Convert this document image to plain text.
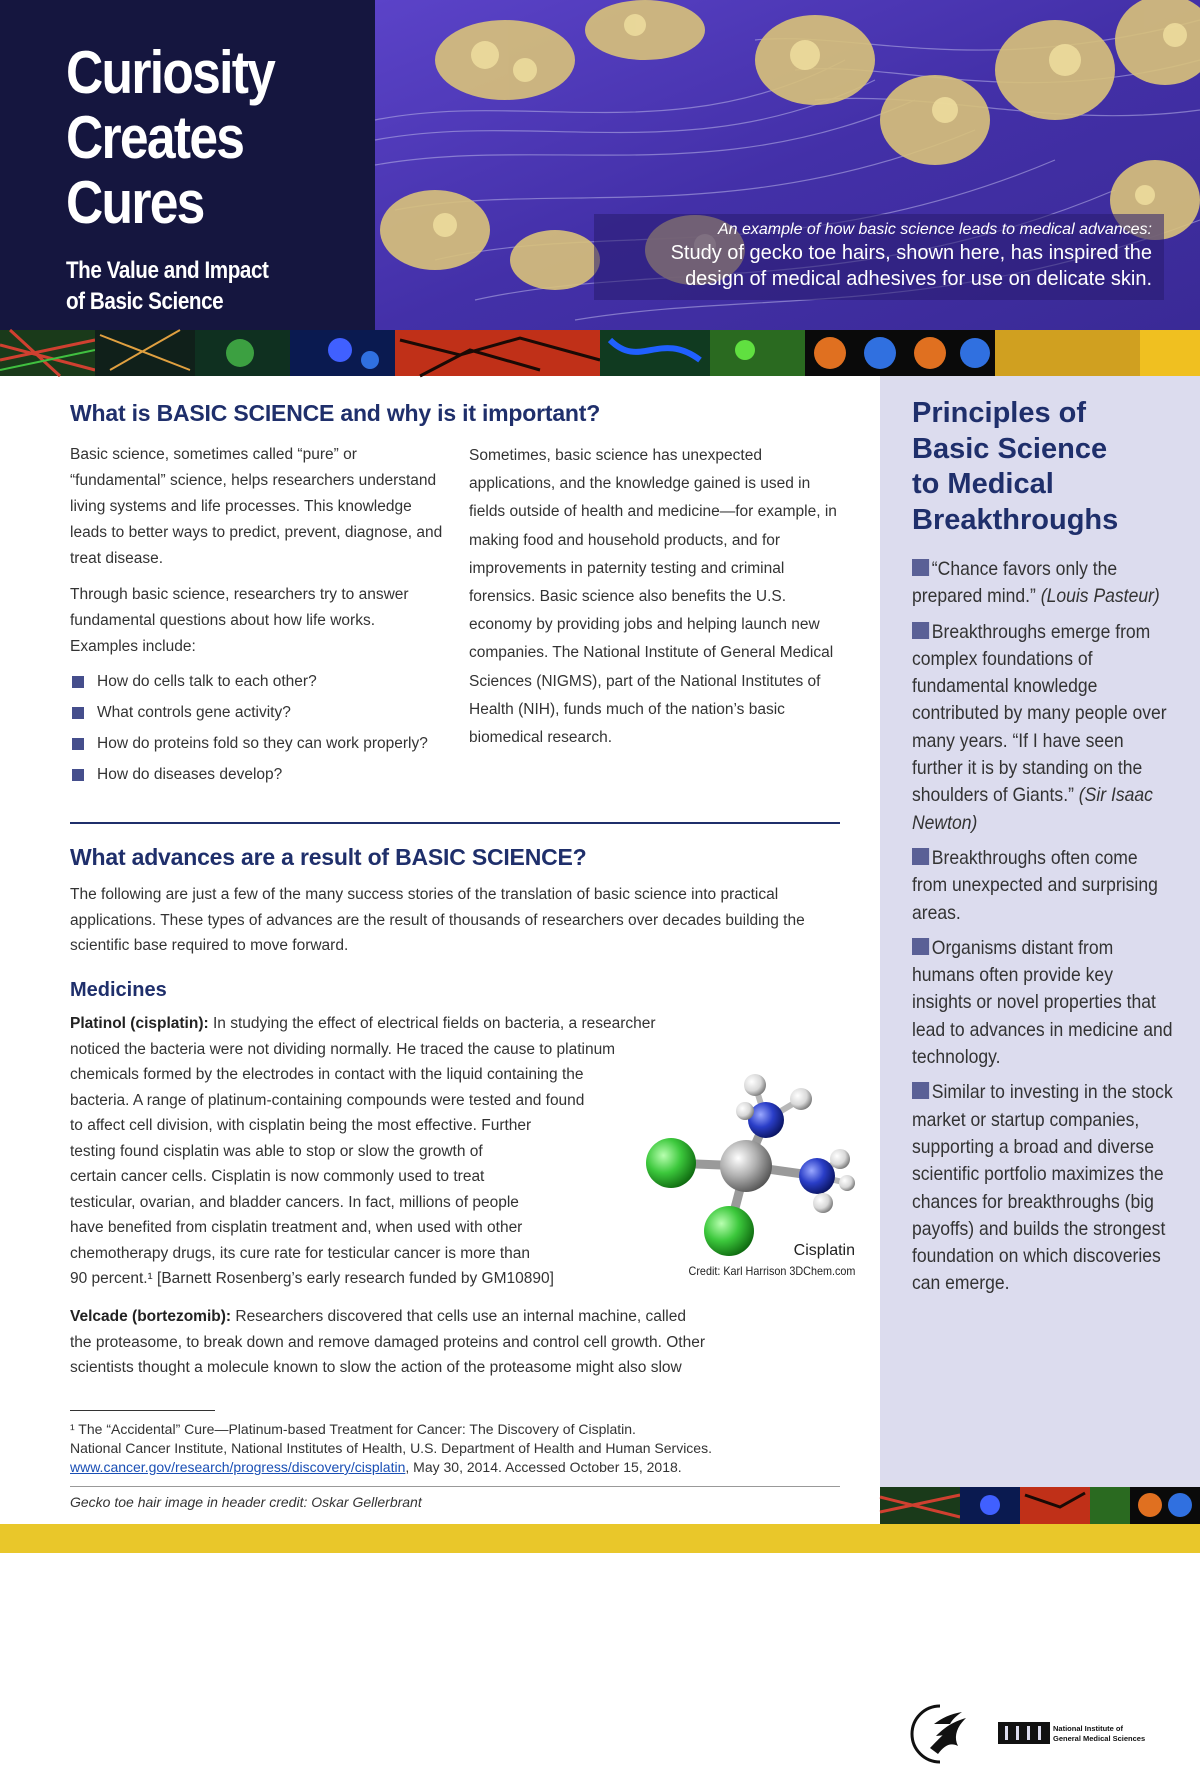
Curiosity
Creates
Cures
The Value and Impact
of Basic Science
An example of how basic science leads to medical advances:
Study of gecko toe hairs, shown here, has inspired the
design of medical adhesives for use on delicate skin.
What is BASIC SCIENCE and why is it important?

Basic science, sometimes called “pure” or “fundamental” science, helps researchers understand living systems and life processes. This knowledge leads to better ways to predict, prevent, diagnose, and treat disease.

Through basic science, researchers try to answer fundamental questions about how life works. Examples include:

How do cells talk to each other?
What controls gene activity?
How do proteins fold so they can work properly?
How do diseases develop?

Sometimes, basic science has unexpected applications, and the knowledge gained is used in fields outside of health and medicine—for example, in making food and household products, and for improvements in paternity testing and criminal forensics. Basic science also benefits the U.S. economy by providing jobs and helping launch new companies. The National Institute of General Medical Sciences (NIGMS), part of the National Institutes of Health (NIH), funds much of the nation’s basic biomedical research.

What advances are a result of BASIC SCIENCE?
The following are just a few of the many success stories of the translation of basic science into practical applications. These types of advances are the result of thousands of researchers over decades building the scientific base required to move forward.
Medicines
Platinol (cisplatin): In studying the effect of electrical fields on bacteria, a researcher
noticed the bacteria were not dividing normally. He traced the cause to platinum
chemicals formed by the electrodes in contact with the liquid containing the
bacteria. A range of platinum-containing compounds were tested and found
to affect cell division, with cisplatin being the most effective. Further
testing found cisplatin was able to stop or slow the growth of
certain cancer cells. Cisplatin is now commonly used to treat
testicular, ovarian, and bladder cancers. In fact, millions of people
have benefited from cisplatin treatment and, when used with other
chemotherapy drugs, its cure rate for testicular cancer is more than
90 percent.¹ [Barnett Rosenberg’s early research funded by GM10890]
Velcade (bortezomib): Researchers discovered that cells use an internal machine, called
the proteasome, to break down and remove damaged proteins and control cell growth. Other
scientists thought a molecule known to slow the action of the proteasome might also slow
Cisplatin
Credit: Karl Harrison 3DChem.com
¹ The “Accidental” Cure—Platinum-based Treatment for Cancer: The Discovery of Cisplatin.
National Cancer Institute, National Institutes of Health, U.S. Department of Health and Human Services.
www.cancer.gov/research/progress/discovery/cisplatin, May 30, 2014. Accessed October 15, 2018.
Gecko toe hair image in header credit: Oskar Gellerbrant
Principles of
Basic Science
to Medical
Breakthroughs
“Chance favors only the prepared mind.” (Louis Pasteur)
Breakthroughs emerge from complex foundations of fundamental knowledge contributed by many people over many years. “If I have seen further it is by standing on the shoulders of Giants.” (Sir Isaac Newton)
Breakthroughs often come from unexpected and surprising areas.
Organisms distant from humans often provide key insights or novel properties that lead to advances in medicine and technology.
Similar to investing in the stock market or startup companies, supporting a broad and diverse scientific portfolio maximizes the chances for breakthroughs (big payoffs) and builds the strongest foundation on which discoveries can emerge.
National Institute of
General Medical Sciences
